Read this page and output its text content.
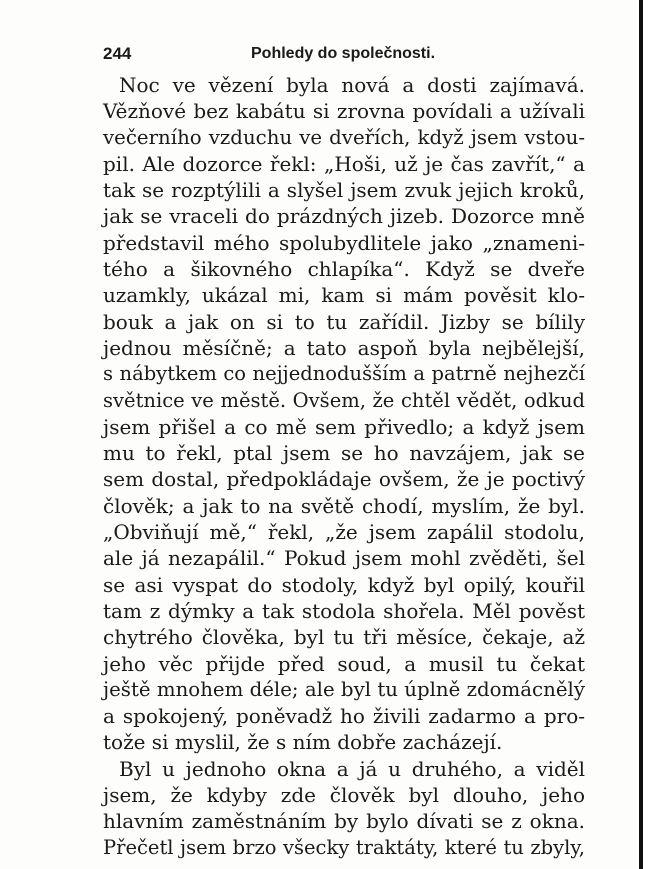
244	Pohledy do společnosti.
Noc ve vězení byla nová a dosti zajímavá.
Vězňové bez kabátu si zrovna povídali a užívali
večerního vzduchu ve dveřích, když jsem vstou-
pil. Ale dozorce řekl: „Hoši, už je čas zavřít,“ a
tak se rozptýlili a slyšel jsem zvuk jejich kroků,
jak se vraceli do prázdných jizeb. Dozorce mně
představil mého spolubydlitele jako „znameni-
tého a šikovného chlapíka“. Když se dveře
uzamkly, ukázal mi, kam si mám pověsit klo-
bouk a jak on si to tu zařídil. Jizby se bílily
jednou měsíčně; a tato aspoň byla nejbělejší,
s nábytkem co nejjednodušším a patrně nejhezčí
světnice ve městě. Ovšem, že chtěl vědět, odkud
jsem přišel a co mě sem přivedlo; a když jsem
mu to řekl, ptal jsem se ho navzájem, jak se
sem dostal, předpokládaje ovšem, že je poctivý
člověk; a jak to na světě chodí, myslím, že byl.
„Obviňují mě,“ řekl, „že jsem zapálil stodolu,
ale já nezapálil.“ Pokud jsem mohl zvěděti, šel
se asi vyspat do stodoly, když byl opilý, kouřil
tam z dýmky a tak stodola shořela. Měl pověst
chytrého člověka, byl tu tři měsíce, čekaje, až
jeho věc přijde před soud, a musil tu čekat
ještě mnohem déle; ale byl tu úplně zdomácnělý
a spokojený, poněvadž ho živili zadarmo a pro-
tože si myslil, že s ním dobře zacházejí.
Byl u jednoho okna a já u druhého, a viděl
jsem, že kdyby zde člověk byl dlouho, jeho
hlavním zaměstnáním by bylo dívati se z okna.
Přečetl jsem brzo všecky traktáty, které tu zbyly,
